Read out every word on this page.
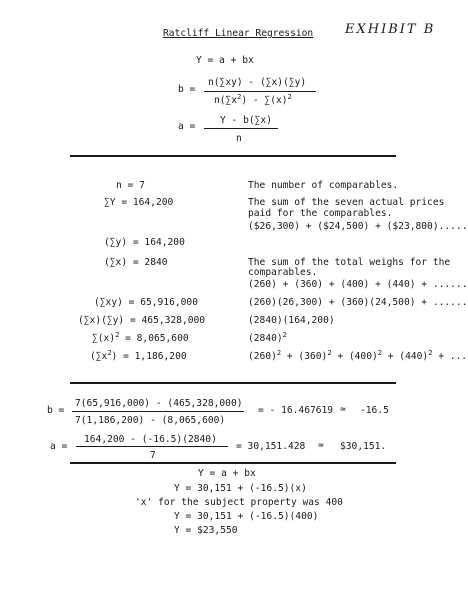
Ratcliff Linear Regression EXHIBIT B
Y = a + bx
b =
n(∑xy) - (∑x)(∑y)
$n(\sum x^2) - \sum(x)^2$
a =
Y - b(∑x)
n
n = 7	The number of comparables.
∑Y = 164,200	The sum of the seven actual prices
paid for the comparables.
($26,300) + ($24,500) + ($23,800).....
(∑y) = 164,200
(∑x) = 2840	The sum of the total weighs for the
comparables.
(260) + (360) + (400) + (440) + ......
(∑xy) = 65,916,000	(260)(26,300) + (360)(24,500) + ......
(∑x)(∑y) = 465,328,000	(2840)(164,200)
$\sum(x)^2 = 8,065,600$	$(2840)^2$
$(\sum x^2) = 1,186,200$	$(260)^2 + (360)^2 + (400)^2 + (440)^2$ + ...
b =
7(65,916,000) - (465,328,000)
7(1,186,200) - (8,065,600)
= - 16.467619 ≃ -16.5
a =
164,200 - (-16.5)(2840)
7
= 30,151.428 ≃ $30,151.
Y = a + bx
Y = 30,151 + (-16.5)(x)
'x' for the subject property was 400
Y = 30,151 + (-16.5)(400)
Y = $23,550
